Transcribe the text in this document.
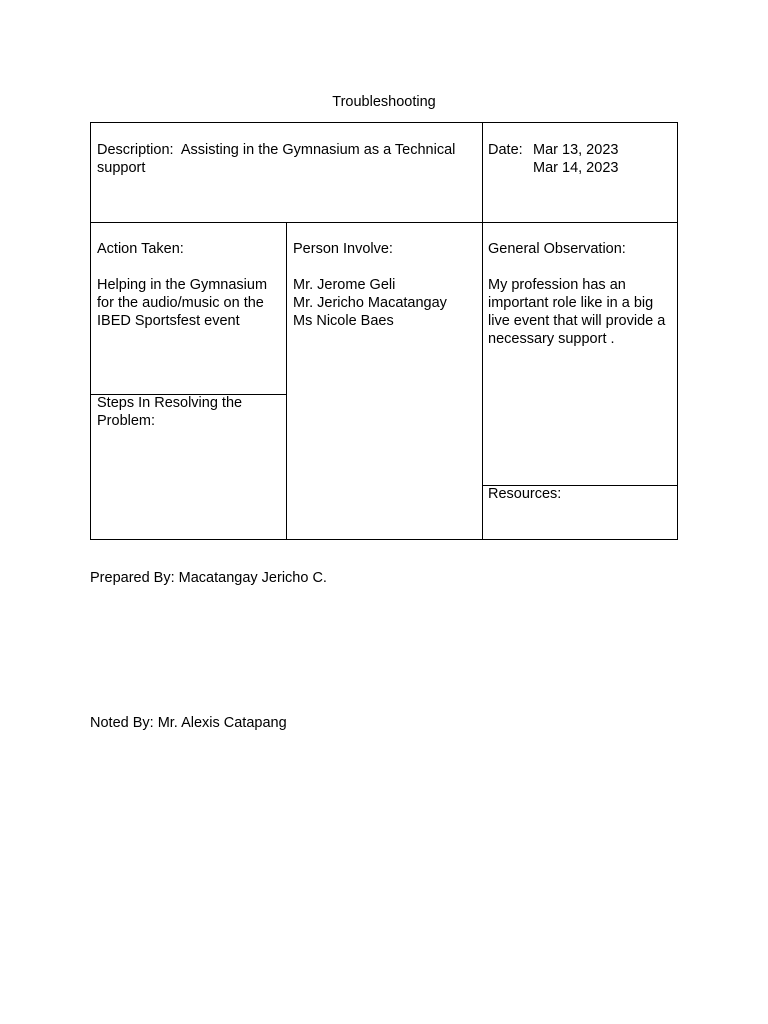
Troubleshooting
Description: Assisting in the Gymnasium as a Technical support
Date: Mar 13, 2023
Mar 14, 2023
Action Taken:
Helping in the Gymnasium for the audio/music on the IBED Sportsfest event
Person Involve:
Mr. Jerome Geli
Mr. Jericho Macatangay
Ms Nicole Baes
General Observation:
My profession has an important role like in a big live event that will provide a necessary support .
Steps In Resolving the Problem:
Resources:
Prepared By: Macatangay Jericho C.
Noted By: Mr. Alexis Catapang
